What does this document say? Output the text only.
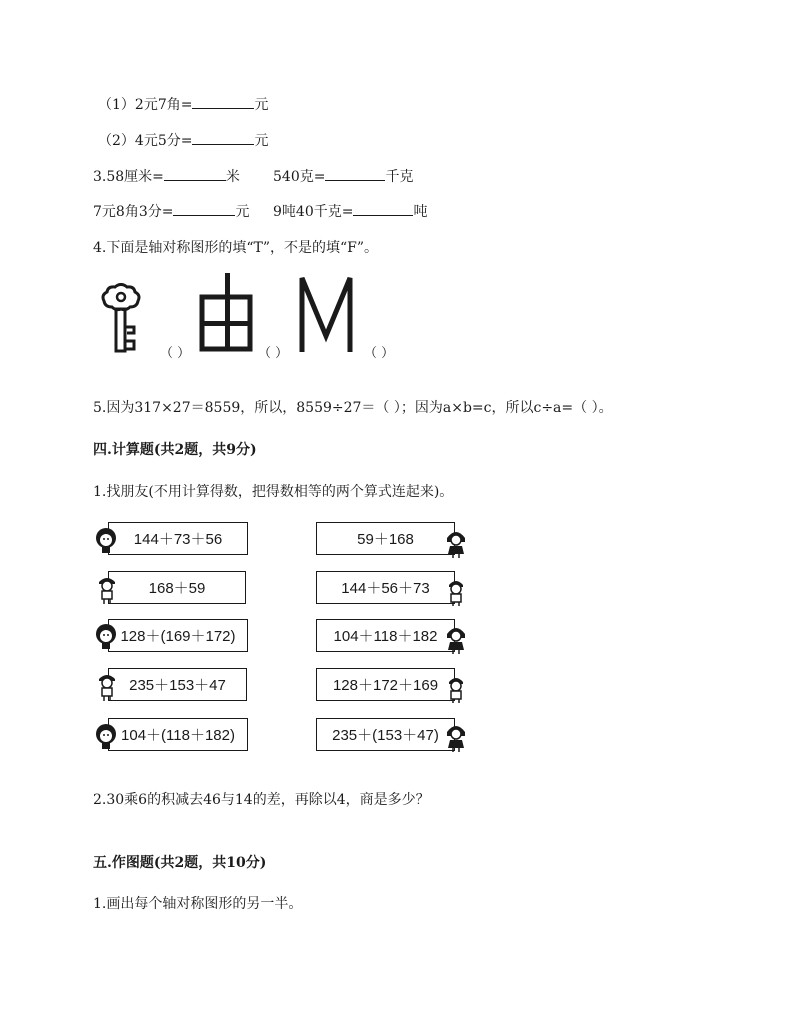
（1）2元7角=	元
（2）4元5分=	元
3.58厘米=	米 540克=	千克
7元8角3分=	元 9吨40千克=	吨
4.下面是轴对称图形的填“T”，不是的填“F”。
（ ）	（ ）	（ ）
5.因为317×27＝8559，所以，8559÷27＝（ ）；因为a×b=c，所以c÷a=（ ）。
四.计算题(共2题，共9分)
1.找朋友(不用计算得数，把得数相等的两个算式连起来)。
144＋73＋56
168＋59
128＋(169＋172)
235＋153＋47
104＋(118＋182)
59＋168
144＋56＋73
104＋118＋182
128＋172＋169
235＋(153＋47)
2.30乘6的积减去46与14的差，再除以4，商是多少？
五.作图题(共2题，共10分)
1.画出每个轴对称图形的另一半。
